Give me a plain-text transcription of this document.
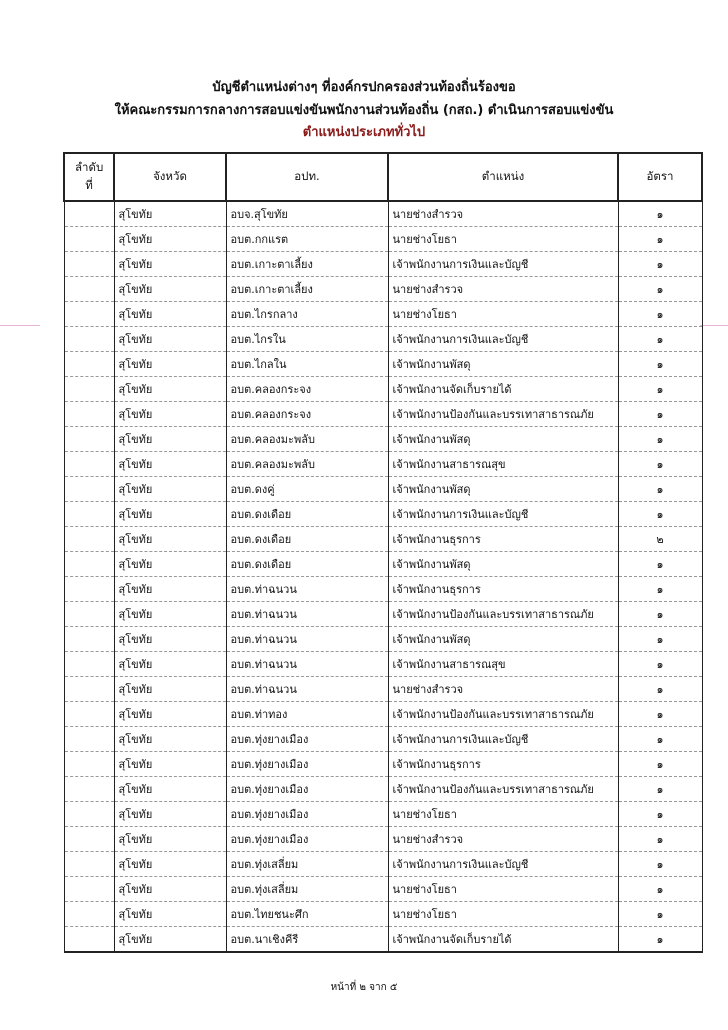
บัญชีตำแหน่งต่างๆ ที่องค์กรปกครองส่วนท้องถิ่นร้องขอ
ให้คณะกรรมการกลางการสอบแข่งขันพนักงานส่วนท้องถิ่น (กสถ.) ดำเนินการสอบแข่งขัน
ตำแหน่งประเภททั่วไป
ลำดับที่	จังหวัด	อปท.	ตำแหน่ง	อัตรา
	สุโขทัย	อบจ.สุโขทัย	นายช่างสำรวจ	๑
	สุโขทัย	อบต.กกแรต	นายช่างโยธา	๑
	สุโขทัย	อบต.เกาะตาเลี้ยง	เจ้าพนักงานการเงินและบัญชี	๑
	สุโขทัย	อบต.เกาะตาเลี้ยง	นายช่างสำรวจ	๑
	สุโขทัย	อบต.ไกรกลาง	นายช่างโยธา	๑
	สุโขทัย	อบต.ไกรใน	เจ้าพนักงานการเงินและบัญชี	๑
	สุโขทัย	อบต.ไกลใน	เจ้าพนักงานพัสดุ	๑
	สุโขทัย	อบต.คลองกระจง	เจ้าพนักงานจัดเก็บรายได้	๑
	สุโขทัย	อบต.คลองกระจง	เจ้าพนักงานป้องกันและบรรเทาสาธารณภัย	๑
	สุโขทัย	อบต.คลองมะพลับ	เจ้าพนักงานพัสดุ	๑
	สุโขทัย	อบต.คลองมะพลับ	เจ้าพนักงานสาธารณสุข	๑
	สุโขทัย	อบต.ดงคู่	เจ้าพนักงานพัสดุ	๑
	สุโขทัย	อบต.ดงเดือย	เจ้าพนักงานการเงินและบัญชี	๑
	สุโขทัย	อบต.ดงเดือย	เจ้าพนักงานธุรการ	๒
	สุโขทัย	อบต.ดงเดือย	เจ้าพนักงานพัสดุ	๑
	สุโขทัย	อบต.ท่าฉนวน	เจ้าพนักงานธุรการ	๑
	สุโขทัย	อบต.ท่าฉนวน	เจ้าพนักงานป้องกันและบรรเทาสาธารณภัย	๑
	สุโขทัย	อบต.ท่าฉนวน	เจ้าพนักงานพัสดุ	๑
	สุโขทัย	อบต.ท่าฉนวน	เจ้าพนักงานสาธารณสุข	๑
	สุโขทัย	อบต.ท่าฉนวน	นายช่างสำรวจ	๑
	สุโขทัย	อบต.ท่าทอง	เจ้าพนักงานป้องกันและบรรเทาสาธารณภัย	๑
	สุโขทัย	อบต.ทุ่งยางเมือง	เจ้าพนักงานการเงินและบัญชี	๑
	สุโขทัย	อบต.ทุ่งยางเมือง	เจ้าพนักงานธุรการ	๑
	สุโขทัย	อบต.ทุ่งยางเมือง	เจ้าพนักงานป้องกันและบรรเทาสาธารณภัย	๑
	สุโขทัย	อบต.ทุ่งยางเมือง	นายช่างโยธา	๑
	สุโขทัย	อบต.ทุ่งยางเมือง	นายช่างสำรวจ	๑
	สุโขทัย	อบต.ทุ่งเสลี่ยม	เจ้าพนักงานการเงินและบัญชี	๑
	สุโขทัย	อบต.ทุ่งเสลี่ยม	นายช่างโยธา	๑
	สุโขทัย	อบต.ไทยชนะศึก	นายช่างโยธา	๑
	สุโขทัย	อบต.นาเชิงคีรี	เจ้าพนักงานจัดเก็บรายได้	๑
หน้าที่ ๒ จาก ๕
